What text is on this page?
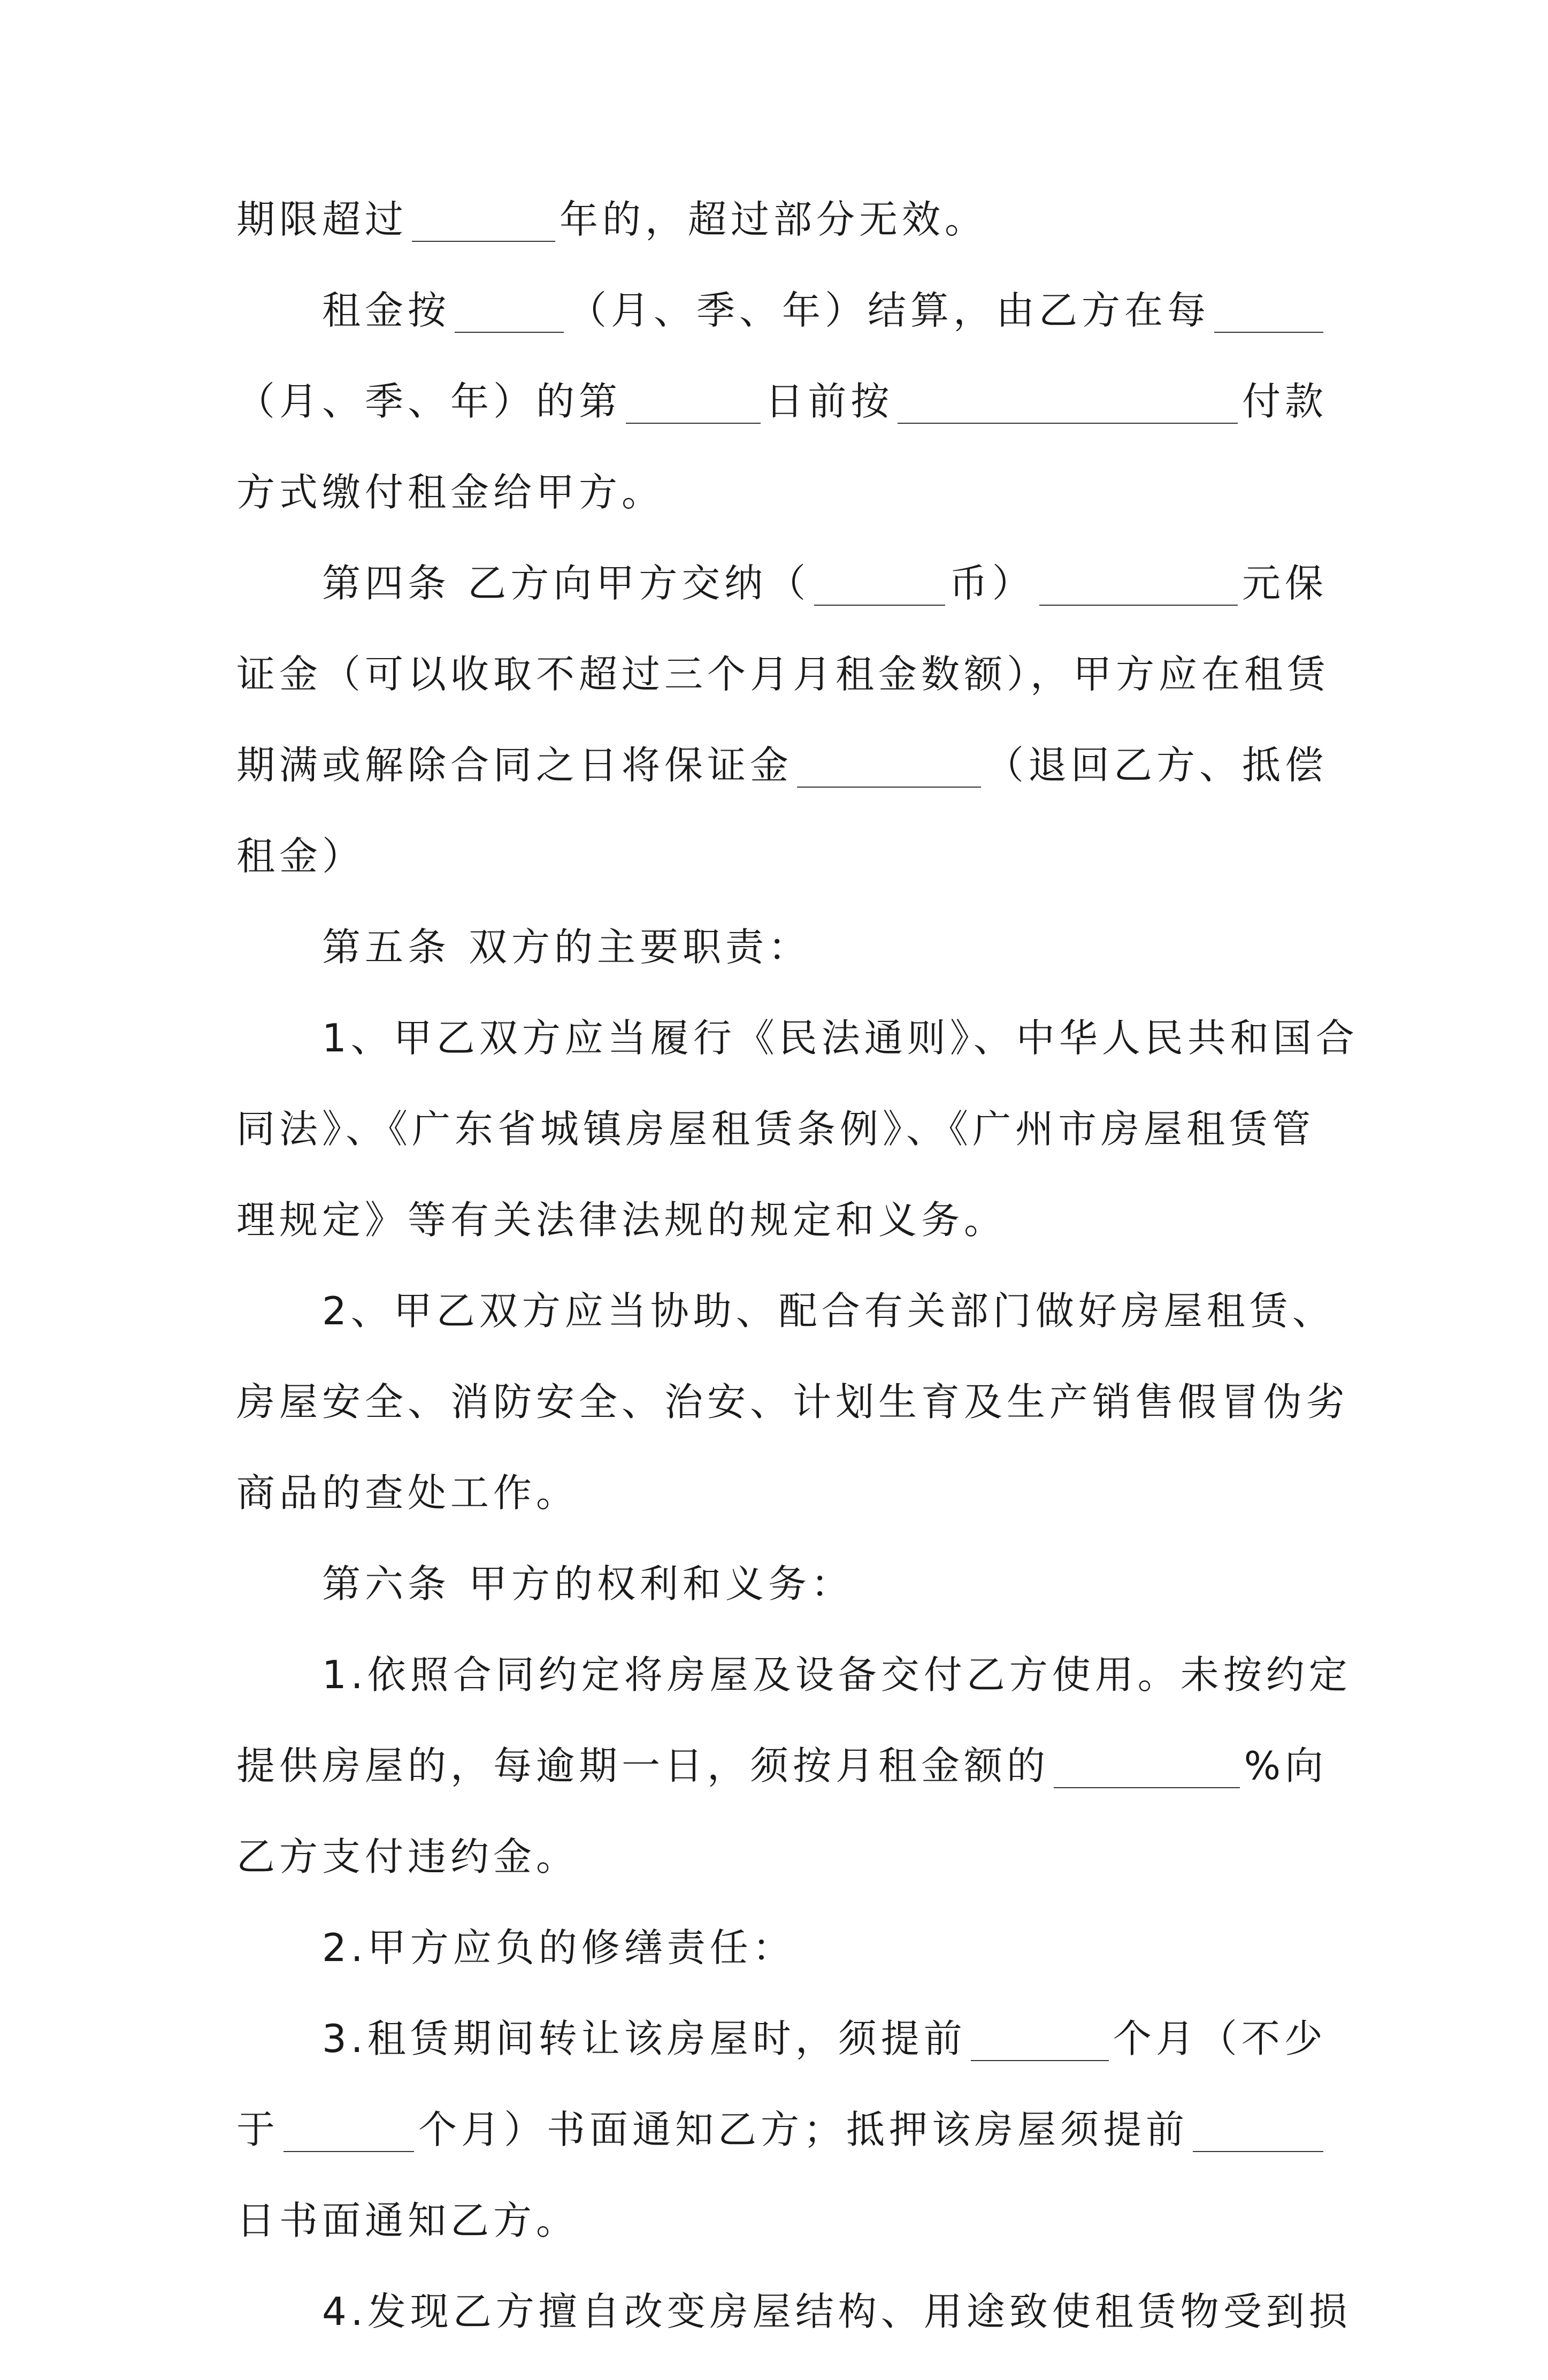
期限超过	年的，超过部分无效。
租金按	（月、季、年）结算，由乙方在每
（月、季、年）的第	日前按	付款
方式缴付租金给甲方。
第四条 乙方向甲方交纳（	币）	元保
证金（可以收取不超过三个月月租金数额），甲方应在租赁
期满或解除合同之日将保证金	（退回乙方、抵偿
租金）
第五条 双方的主要职责：
1、甲乙双方应当履行《民法通则》、中华人民共和国合
同法》、《广东省城镇房屋租赁条例》、《广州市房屋租赁管
理规定》等有关法律法规的规定和义务。
2、甲乙双方应当协助、配合有关部门做好房屋租赁、
房屋安全、消防安全、治安、计划生育及生产销售假冒伪劣
商品的查处工作。
第六条 甲方的权利和义务：
1.依照合同约定将房屋及设备交付乙方使用。未按约定
提供房屋的，每逾期一日，须按月租金额的	%向
乙方支付违约金。
2.甲方应负的修缮责任：
3.租赁期间转让该房屋时，须提前	个月（不少
于	个月）书面通知乙方；抵押该房屋须提前
日书面通知乙方。
4.发现乙方擅自改变房屋结构、用途致使租赁物受到损
